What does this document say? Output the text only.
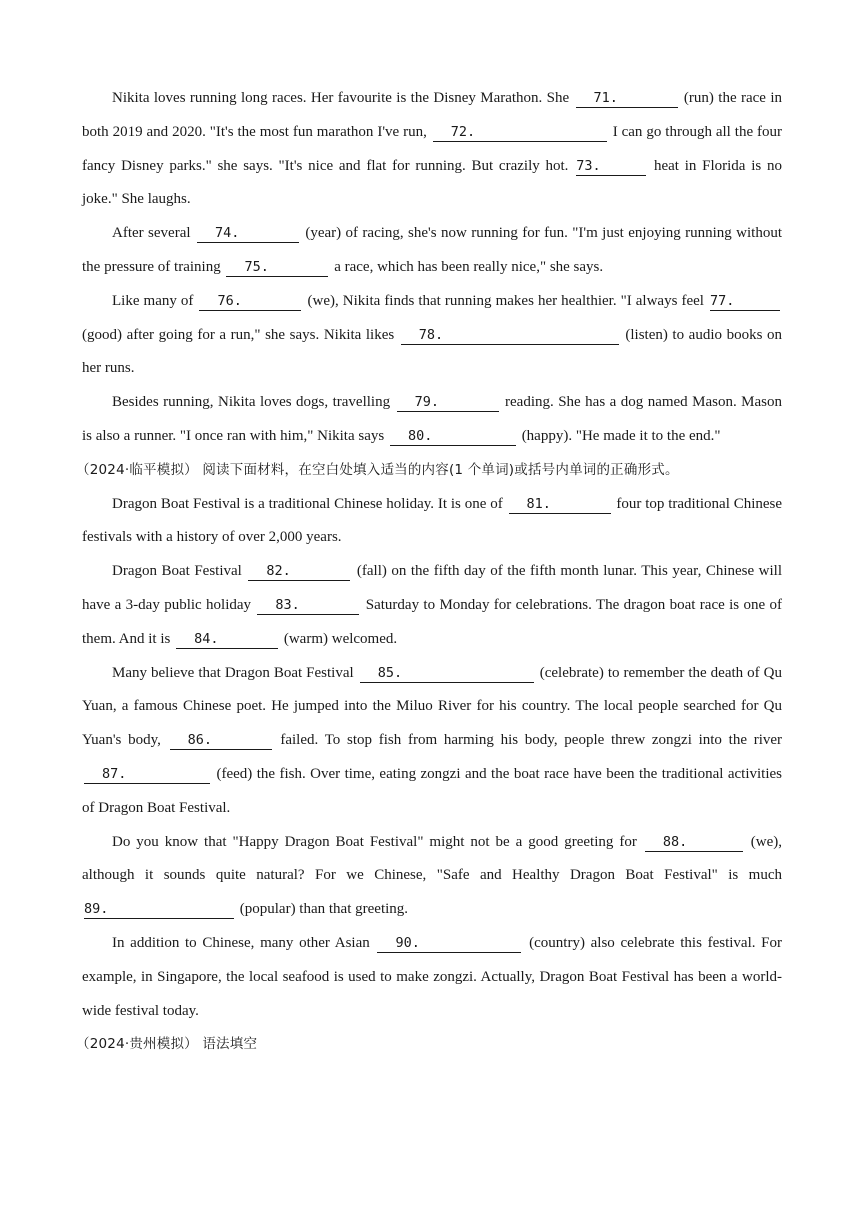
Nikita loves running long races. Her favourite is the Disney Marathon. She 71.	(run) the race in both 2019 and 2020. "It's the most fun marathon I've run, 72.	I can go through all the four fancy Disney parks." she says. "It's nice and flat for running. But crazily hot. 73.	heat in Florida is no joke." She laughs.

After several 74.	(year) of racing, she's now running for fun. "I'm just enjoying running without the pressure of training 75.	a race, which has been really nice," she says.

Like many of 76.	(we), Nikita finds that running makes her healthier. "I always feel 77. (good) after going for a run," she says. Nikita likes 78.	(listen) to audio books on her runs.

Besides running, Nikita loves dogs, travelling 79.	reading. She has a dog named Mason. Mason is also a runner. "I once ran with him," Nikita says 80.	(happy). "He made it to the end."

（2024·临平模拟） 阅读下面材料，在空白处填入适当的内容(1 个单词)或括号内单词的正确形式。

Dragon Boat Festival is a traditional Chinese holiday. It is one of 81.	four top traditional Chinese festivals with a history of over 2,000 years.

Dragon Boat Festival 82.	(fall) on the fifth day of the fifth month lunar. This year, Chinese will have a 3-day public holiday 83.	Saturday to Monday for celebrations. The dragon boat race is one of them. And it is 84.	(warm) welcomed.

Many believe that Dragon Boat Festival 85.	(celebrate) to remember the death of Qu Yuan, a famous Chinese poet. He jumped into the Miluo River for his country. The local people searched for Qu Yuan's body, 86.	failed. To stop fish from harming his body, people threw zongzi into the river 87.	(feed) the fish. Over time, eating zongzi and the boat race have been the traditional activities of Dragon Boat Festival.

Do you know that "Happy Dragon Boat Festival" might not be a good greeting for 88.	(we), although it sounds quite natural? For we Chinese, "Safe and Healthy Dragon Boat Festival" is much 89.	(popular) than that greeting.

In addition to Chinese, many other Asian 90.	(country) also celebrate this festival. For example, in Singapore, the local seafood is used to make zongzi. Actually, Dragon Boat Festival has been a world-wide festival today.

（2024·贵州模拟） 语法填空
